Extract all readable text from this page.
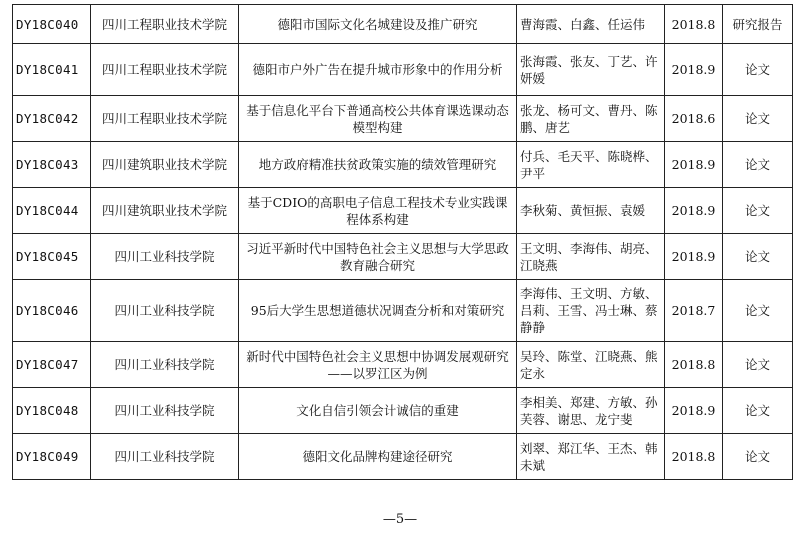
DY18C040	四川工程职业技术学院	德阳市国际文化名城建设及推广研究	曹海霞、白鑫、任运伟	2018.8	研究报告
DY18C041	四川工程职业技术学院	德阳市户外广告在提升城市形象中的作用分析	张海霞、张友、丁艺、许妍媛	2018.9	论文
DY18C042	四川工程职业技术学院	基于信息化平台下普通高校公共体育课选课动态模型构建	张龙、杨可文、曹丹、陈鹏、唐艺	2018.6	论文
DY18C043	四川建筑职业技术学院	地方政府精准扶贫政策实施的绩效管理研究	付兵、毛天平、陈晓桦、尹平	2018.9	论文
DY18C044	四川建筑职业技术学院	基于CDIO的高职电子信息工程技术专业实践课程体系构建	李秋菊、黄恒振、袁媛	2018.9	论文
DY18C045	四川工业科技学院	习近平新时代中国特色社会主义思想与大学思政教育融合研究	王文明、李海伟、胡亮、江晓燕	2018.9	论文
DY18C046	四川工业科技学院	95后大学生思想道德状况调查分析和对策研究	李海伟、王文明、方敏、吕莉、王雪、冯士琳、蔡静静	2018.7	论文
DY18C047	四川工业科技学院	新时代中国特色社会主义思想中协调发展观研究——以罗江区为例	吴玲、陈堂、江晓燕、熊定永	2018.8	论文
DY18C048	四川工业科技学院	文化自信引领会计诚信的重建	李相美、郑建、方敏、孙芙蓉、谢思、龙宁斐	2018.9	论文
DY18C049	四川工业科技学院	德阳文化品牌构建途径研究	刘翠、郑江华、王杰、韩未斌	2018.8	论文
—5—
